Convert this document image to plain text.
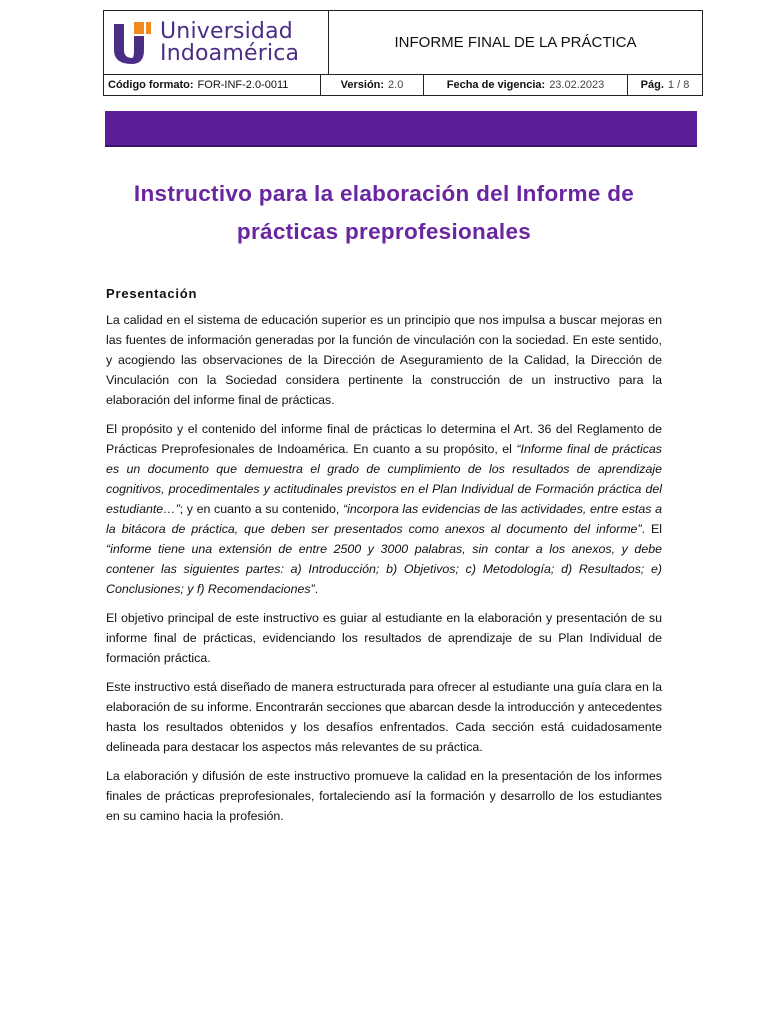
Universidad
Indoamérica	INFORME FINAL DE LA PRÁCTICA
Código formato: FOR-INF-2.0-0011	Versión: 2.0	Fecha de vigencia: 23.02.2023	Pág. 1 / 8
Instructivo para la elaboración del Informe de prácticas preprofesionales
Presentación

La calidad en el sistema de educación superior es un principio que nos impulsa a buscar mejoras en las fuentes de información generadas por la función de vinculación con la sociedad. En este sentido, y acogiendo las observaciones de la Dirección de Aseguramiento de la Calidad, la Dirección de Vinculación con la Sociedad considera pertinente la construcción de un instructivo para la elaboración del informe final de prácticas.

El propósito y el contenido del informe final de prácticas lo determina el Art. 36 del Reglamento de Prácticas Preprofesionales de Indoamérica. En cuanto a su propósito, el “Informe final de prácticas es un documento que demuestra el grado de cumplimiento de los resultados de aprendizaje cognitivos, procedimentales y actitudinales previstos en el Plan Individual de Formación práctica del estudiante…”; y en cuanto a su contenido, “incorpora las evidencias de las actividades, entre estas a la bitácora de práctica, que deben ser presentados como anexos al documento del informe”. El “informe tiene una extensión de entre 2500 y 3000 palabras, sin contar a los anexos, y debe contener las siguientes partes: a) Introducción; b) Objetivos; c) Metodología; d) Resultados; e) Conclusiones; y f) Recomendaciones”.

El objetivo principal de este instructivo es guiar al estudiante en la elaboración y presentación de su informe final de prácticas, evidenciando los resultados de aprendizaje de su Plan Individual de formación práctica.

Este instructivo está diseñado de manera estructurada para ofrecer al estudiante una guía clara en la elaboración de su informe. Encontrarán secciones que abarcan desde la introducción y antecedentes hasta los resultados obtenidos y los desafíos enfrentados. Cada sección está cuidadosamente delineada para destacar los aspectos más relevantes de su práctica.

La elaboración y difusión de este instructivo promueve la calidad en la presentación de los informes finales de prácticas preprofesionales, fortaleciendo así la formación y desarrollo de los estudiantes en su camino hacia la profesión.
